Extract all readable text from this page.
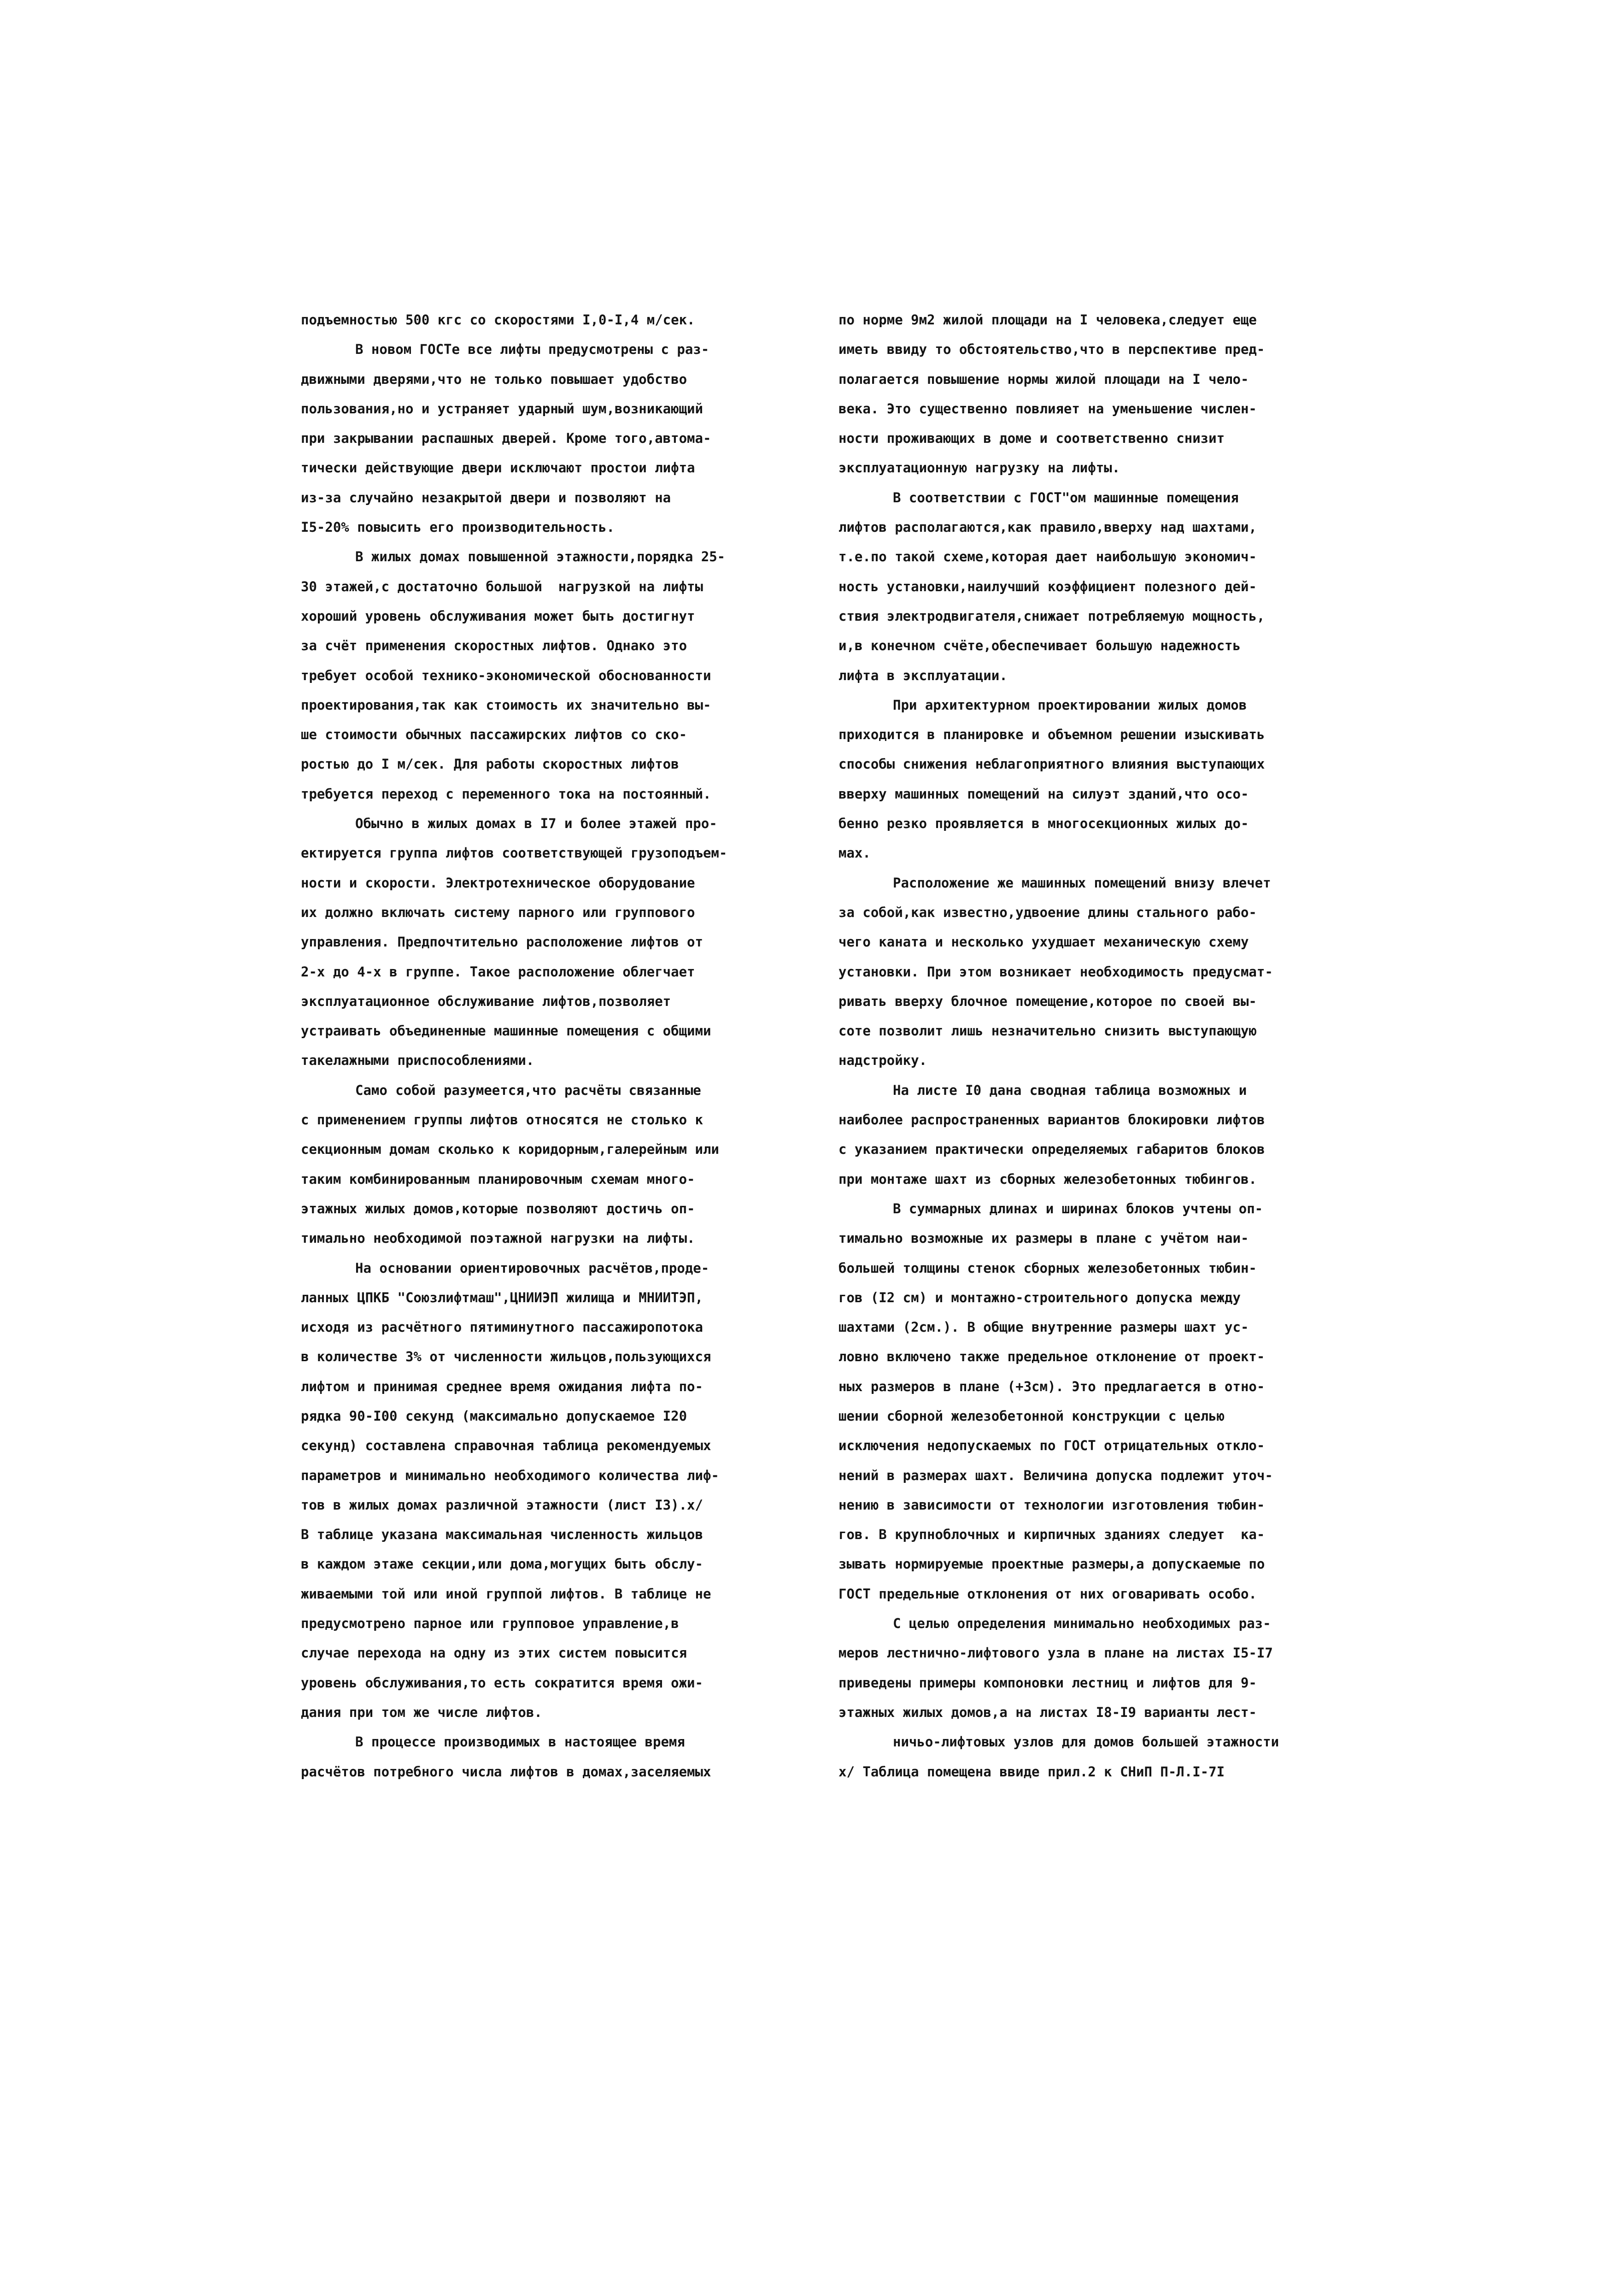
подъемностью 500 кгс со скоростями I,0-I,4 м/сек.
В новом ГОСТе все лифты предусмотрены с раз-
движными дверями,что не только повышает удобство
пользования,но и устраняет ударный шум,возникающий
при закрывании распашных дверей. Кроме того,автома-
тически действующие двери исключают простои лифта
из-за случайно незакрытой двери и позволяют на
I5-20% повысить его производительность.
В жилых домах повышенной этажности,порядка 25-
30 этажей,с достаточно большой  нагрузкой на лифты
хороший уровень обслуживания может быть достигнут
за счёт применения скоростных лифтов. Однако это
требует особой технико-экономической обоснованности
проектирования,так как стоимость их значительно вы-
ше стоимости обычных пассажирских лифтов со ско-
ростью до I м/сек. Для работы скоростных лифтов
требуется переход с переменного тока на постоянный.
Обычно в жилых домах в I7 и более этажей про-
ектируется группа лифтов соответствующей грузоподъем-
ности и скорости. Электротехническое оборудование
их должно включать систему парного или группового
управления. Предпочтительно расположение лифтов от
2-х до 4-х в группе. Такое расположение облегчает
эксплуатационное обслуживание лифтов,позволяет
устраивать объединенные машинные помещения с общими
такелажными приспособлениями.
Само собой разумеется,что расчёты связанные
с применением группы лифтов относятся не столько к
секционным домам сколько к коридорным,галерейным или
таким комбинированным планировочным схемам много-
этажных жилых домов,которые позволяют достичь оп-
тимально необходимой поэтажной нагрузки на лифты.
На основании ориентировочных расчётов,проде-
ланных ЦПКБ "Союзлифтмаш",ЦНИИЭП жилища и МНИИТЭП,
исходя из расчётного пятиминутного пассажиропотока
в количестве 3% от численности жильцов,пользующихся
лифтом и принимая среднее время ожидания лифта по-
рядка 90-I00 секунд (максимально допускаемое I20
секунд) составлена справочная таблица рекомендуемых
параметров и минимально необходимого количества лиф-
тов в жилых домах различной этажности (лист I3).x/
В таблице указана максимальная численность жильцов
в каждом этаже секции,или дома,могущих быть обслу-
живаемыми той или иной группой лифтов. В таблице не
предусмотрено парное или групповое управление,в
случае перехода на одну из этих систем повысится
уровень обслуживания,то есть сократится время ожи-
дания при том же числе лифтов.
В процессе производимых в настоящее время
расчётов потребного числа лифтов в домах,заселяемых
по норме 9м2 жилой площади на I человека,следует еще
иметь ввиду то обстоятельство,что в перспективе пред-
полагается повышение нормы жилой площади на I чело-
века. Это существенно повлияет на уменьшение числен-
ности проживающих в доме и соответственно снизит
эксплуатационную нагрузку на лифты.
В соответствии с ГОСТ"ом машинные помещения
лифтов располагаются,как правило,вверху над шахтами,
т.е.по такой схеме,которая дает наибольшую экономич-
ность установки,наилучший коэффициент полезного дей-
ствия электродвигателя,снижает потребляемую мощность,
и,в конечном счёте,обеспечивает большую надежность
лифта в эксплуатации.
При архитектурном проектировании жилых домов
приходится в планировке и объемном решении изыскивать
способы снижения неблагоприятного влияния выступающих
вверху машинных помещений на силуэт зданий,что осо-
бенно резко проявляется в многосекционных жилых до-
мах.
Расположение же машинных помещений внизу влечет
за собой,как известно,удвоение длины стального рабо-
чего каната и несколько ухудшает механическую схему
установки. При этом возникает необходимость предусмат-
ривать вверху блочное помещение,которое по своей вы-
соте позволит лишь незначительно снизить выступающую
надстройку.
На листе I0 дана сводная таблица возможных и
наиболее распространенных вариантов блокировки лифтов
с указанием практически определяемых габаритов блоков
при монтаже шахт из сборных железобетонных тюбингов.
В суммарных длинах и ширинах блоков учтены оп-
тимально возможные их размеры в плане с учётом наи-
большей толщины стенок сборных железобетонных тюбин-
гов (I2 см) и монтажно-строительного допуска между
шахтами (2см.). В общие внутренние размеры шахт ус-
ловно включено также предельное отклонение от проект-
ных размеров в плане (+3см). Это предлагается в отно-
шении сборной железобетонной конструкции с целью
исключения недопускаемых по ГОСТ отрицательных откло-
нений в размерах шахт. Величина допуска подлежит уточ-
нению в зависимости от технологии изготовления тюбин-
гов. В крупноблочных и кирпичных зданиях следует  ка-
зывать нормируемые проектные размеры,а допускаемые по
ГОСТ предельные отклонения от них оговаривать особо.
С целью определения минимально необходимых раз-
меров лестнично-лифтового узла в плане на листах I5-I7
приведены примеры компоновки лестниц и лифтов для 9-
этажных жилых домов,а на листах I8-I9 варианты лест-
ничьо-лифтовых узлов для домов большей этажности
x/ Таблица помещена ввиде прил.2 к СНиП П-Л.I-7I
